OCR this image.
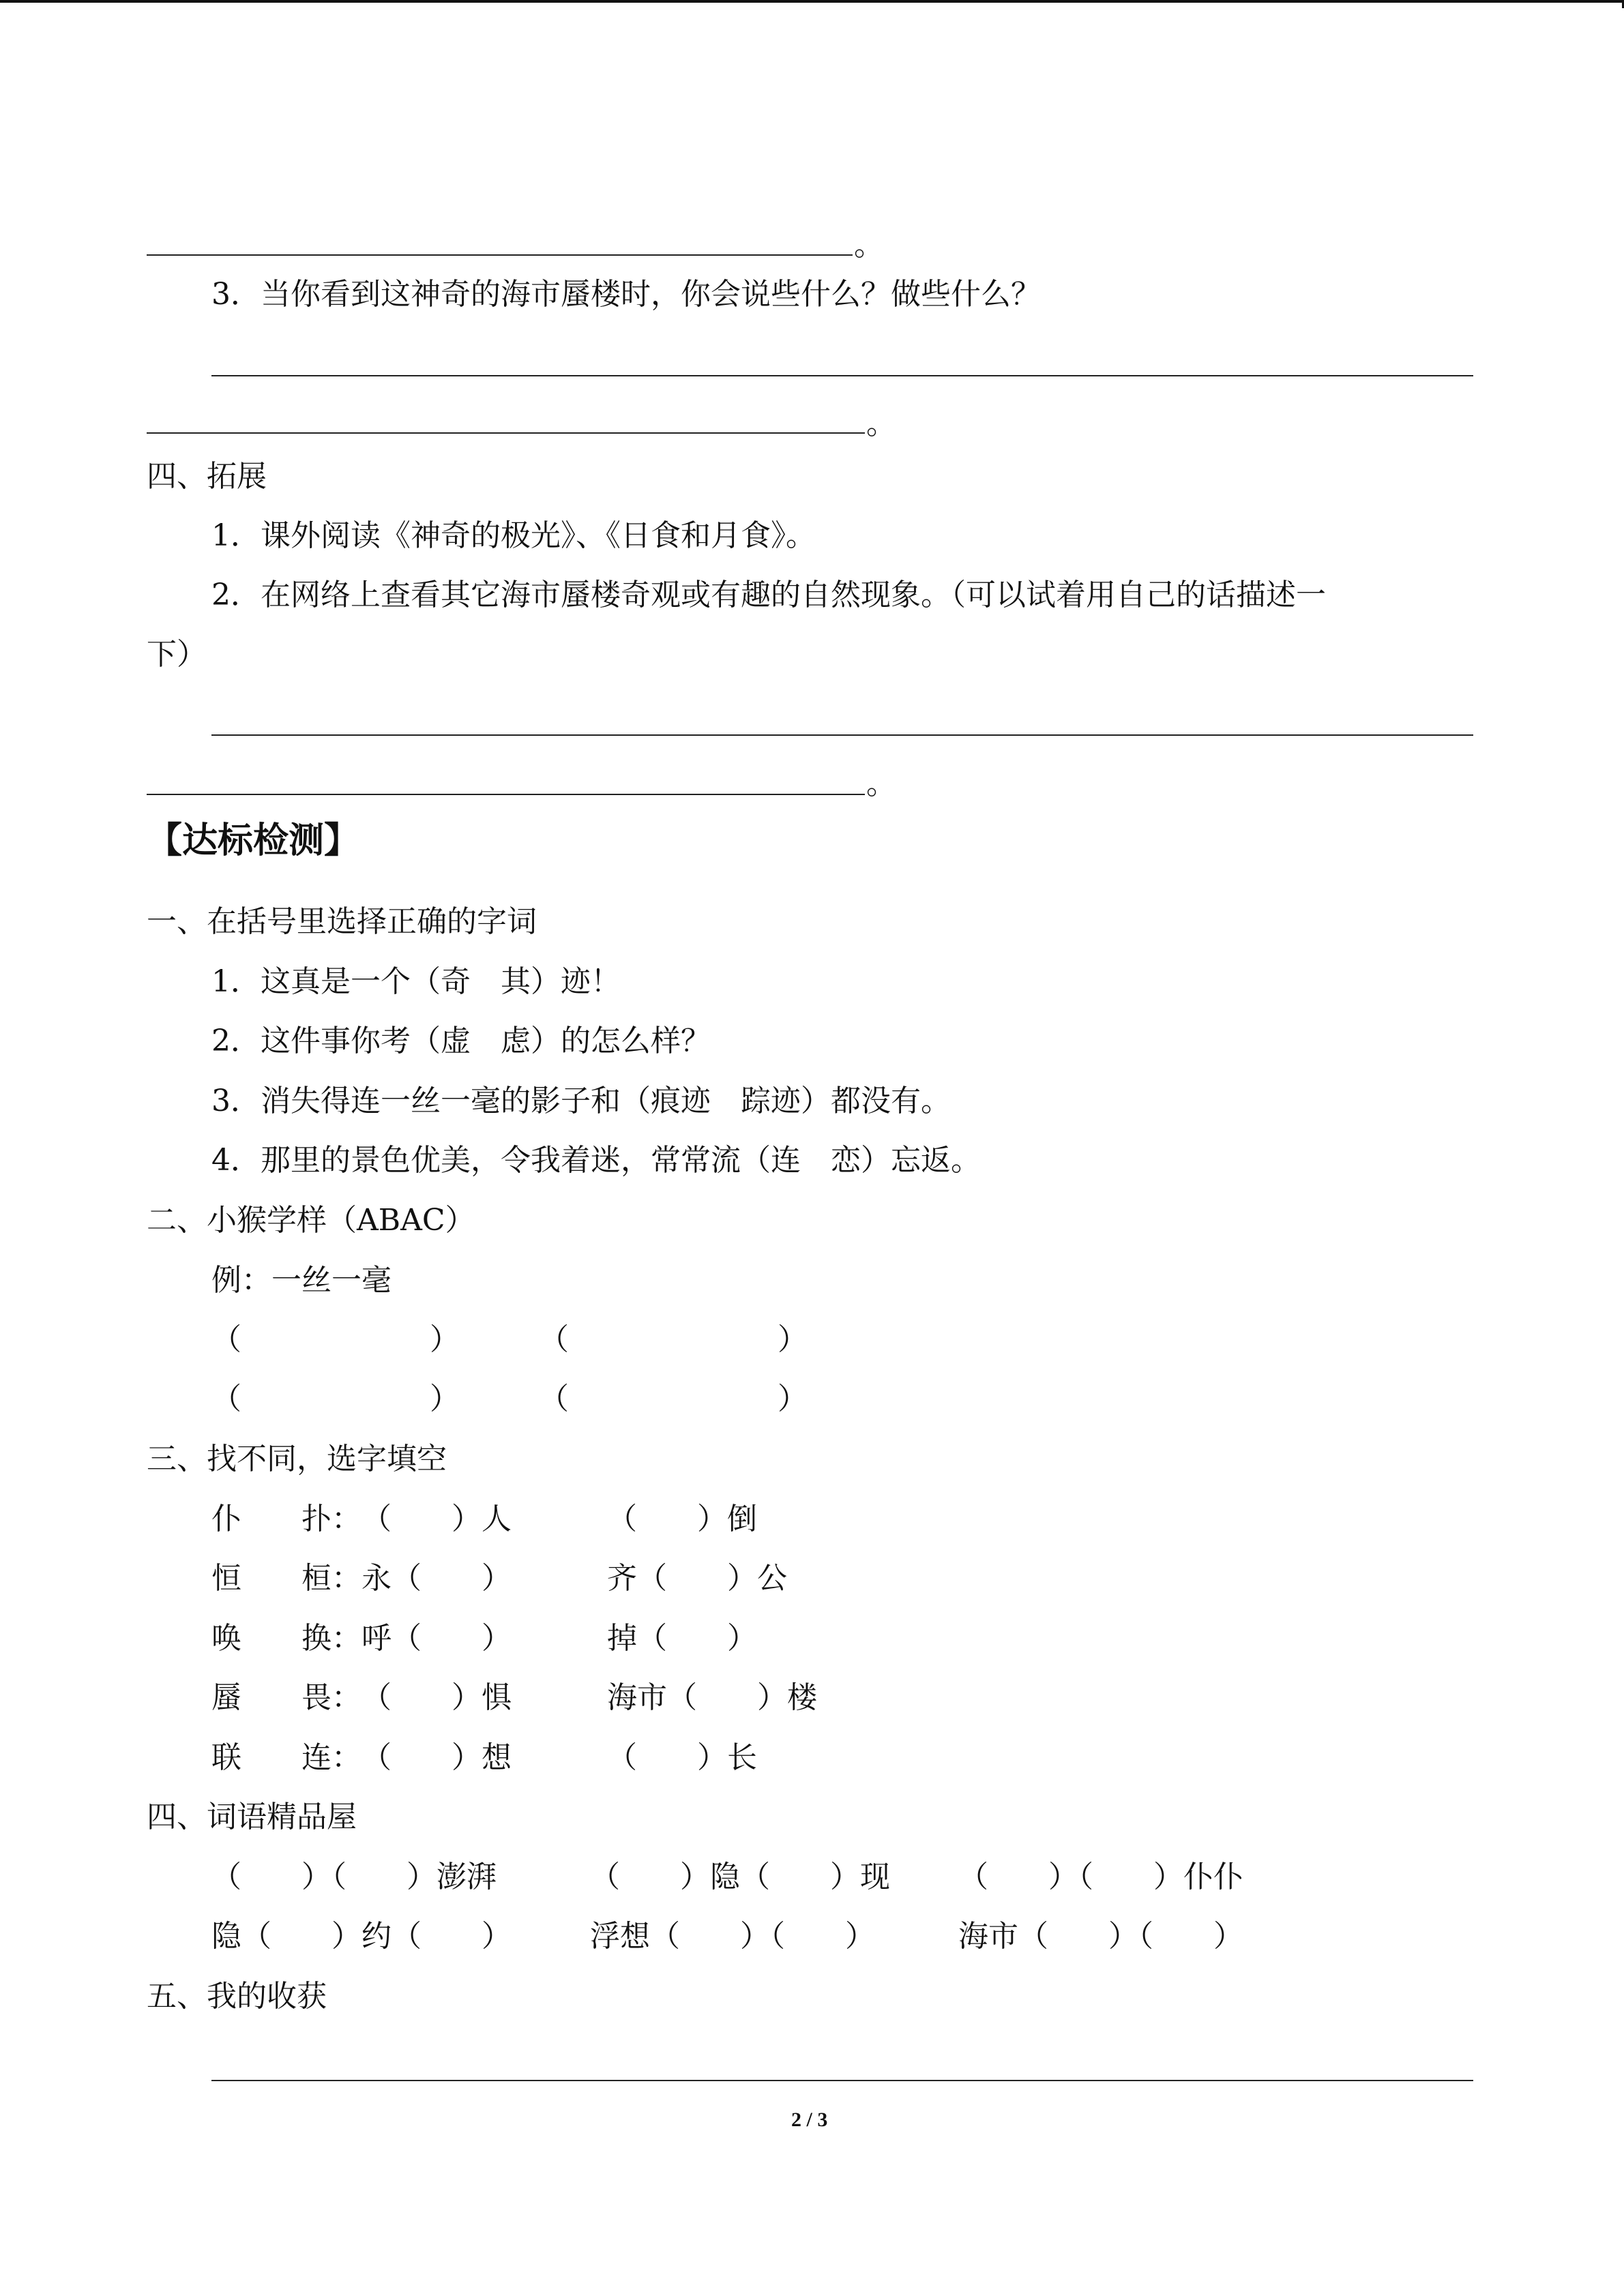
。
3．当你看到这神奇的海市蜃楼时，你会说些什么？做些什么？
。
四、拓展
1．课外阅读《神奇的极光》、《日食和月食》。
2．在网络上查看其它海市蜃楼奇观或有趣的自然现象。（可以试着用自己的话描述一
下）
。
【达标检测】
一、在括号里选择正确的字词
1．这真是一个（奇　其）迹！
2．这件事你考（虚　虑）的怎么样？
3．消失得连一丝一毫的影子和（痕迹　踪迹）都没有。
4．那里的景色优美，令我着迷，常常流（连　恋）忘返。
二、小猴学样（ABAC）
例：一丝一毫
（	）	（	）
（	）	（	）
三、找不同，选字填空
仆　　扑： （　　）人	（　　）倒
恒　　桓： 永（　　）	齐（　　）公
唤　　换： 呼（　　）	掉（　　）
蜃　　畏： （　　）惧	海市（　　）楼
联　　连： （　　）想	（　　）长
四、词语精品屋
（　　）（　　）澎湃	（　　）隐（　　）现 （　　）（　　）仆仆
隐（　　）约（　　）	浮想（　　）（　　）	海市（　　）（　　）
五、我的收获
2 / 3
